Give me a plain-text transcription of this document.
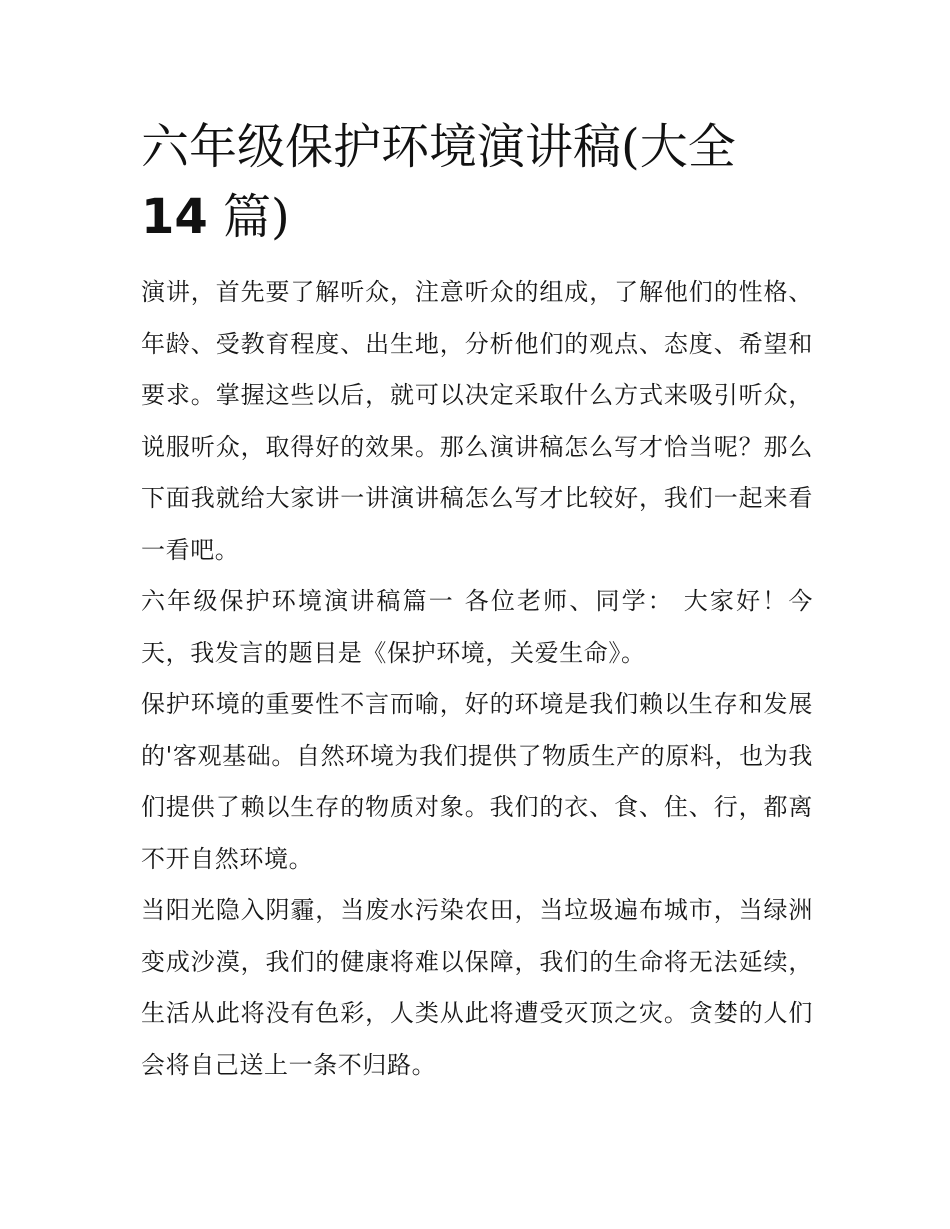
六年级保护环境演讲稿(大全
14 篇)

演讲，首先要了解听众，注意听众的组成，了解他们的性格、年龄、受教育程度、出生地，分析他们的观点、态度、希望和要求。掌握这些以后，就可以决定采取什么方式来吸引听众，说服听众，取得好的效果。那么演讲稿怎么写才恰当呢？那么下面我就给大家讲一讲演讲稿怎么写才比较好，我们一起来看一看吧。

六年级保护环境演讲稿篇一 各位老师、同学： 大家好！今天，我发言的题目是《保护环境，关爱生命》。

保护环境的重要性不言而喻，好的环境是我们赖以生存和发展的'客观基础。自然环境为我们提供了物质生产的原料，也为我们提供了赖以生存的物质对象。我们的衣、食、住、行，都离不开自然环境。

当阳光隐入阴霾，当废水污染农田，当垃圾遍布城市，当绿洲变成沙漠，我们的健康将难以保障，我们的生命将无法延续，生活从此将没有色彩，人类从此将遭受灭顶之灾。贪婪的人们会将自己送上一条不归路。
